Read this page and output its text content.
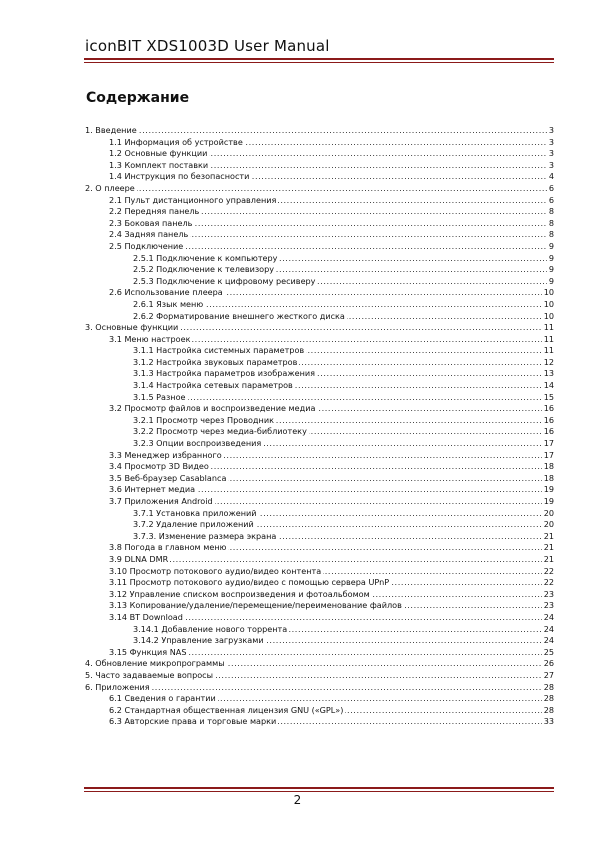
iconBIT XDS1003D User Manual
Содержание
.....
1. Введение	3
.....
1.1 Информация об устройстве	3
.....
1.2 Основные функции	3
.....
1.3 Комплект поставки	3
.....
1.4 Инструкция по безопасности	4
.....
2. О плеере	6
.....
2.1 Пульт дистанционного управления	6
.....
2.2 Передняя панель	8
.....
2.3 Боковая панель	8
.....
2.4 Задняя панель	8
.....
2.5 Подключение	9
.....
2.5.1 Подключение к компьютеру	9
.....
2.5.2 Подключение к телевизору	9
.....
2.5.3 Подключение к цифровому ресиверу	9
.....
2.6 Использование плеера	10
.....
2.6.1 Язык меню	10
.....
2.6.2 Форматирование внешнего жесткого диска	10
.....
3. Основные функции	11
.....
3.1 Меню настроек	11
.....
3.1.1 Настройка системных параметров	11
.....
3.1.2 Настройка звуковых параметров	12
.....
3.1.3 Настройка параметров изображения	13
.....
3.1.4 Настройка сетевых параметров	14
.....
3.1.5 Разное	15
.....
3.2 Просмотр файлов и воспроизведение медиа	16
.....
3.2.1 Просмотр через Проводник	16
.....
3.2.2 Просмотр через медиа-библиотеку	16
.....
3.2.3 Опции воспроизведения	17
.....
3.3 Менеджер избранного	17
.....
3.4 Просмотр 3D Видео	18
.....
3.5 Веб-браузер Casablanca	18
.....
3.6 Интернет медиа	19
.....
3.7 Приложения Android	19
.....
3.7.1 Установка приложений	20
.....
3.7.2 Удаление приложений	20
.....
3.7.3. Изменение размера экрана	21
.....
3.8 Погода в главном меню	21
.....
3.9 DLNA DMR	21
.....
3.10 Просмотр потокового аудио/видео контента	22
.....
3.11 Просмотр потокового аудио/видео с помощью сервера UPnP	22
.....
3.12 Управление списком воспроизведения и фотоальбомом	23
.....
3.13 Копирование/удаление/перемещение/переименование файлов	23
.....
3.14 BT Download	24
.....
3.14.1 Добавление нового торрента	24
.....
3.14.2 Управление загрузками	24
.....
3.15 Функция NAS	25
.....
4. Обновление микропрограммы	26
.....
5. Часто задаваемые вопросы	27
.....
6. Приложения	28
.....
6.1 Сведения о гарантии	28
.....
6.2 Стандартная общественная лицензия GNU («GPL»)	28
.....
6.3 Авторские права и торговые марки	33
2
